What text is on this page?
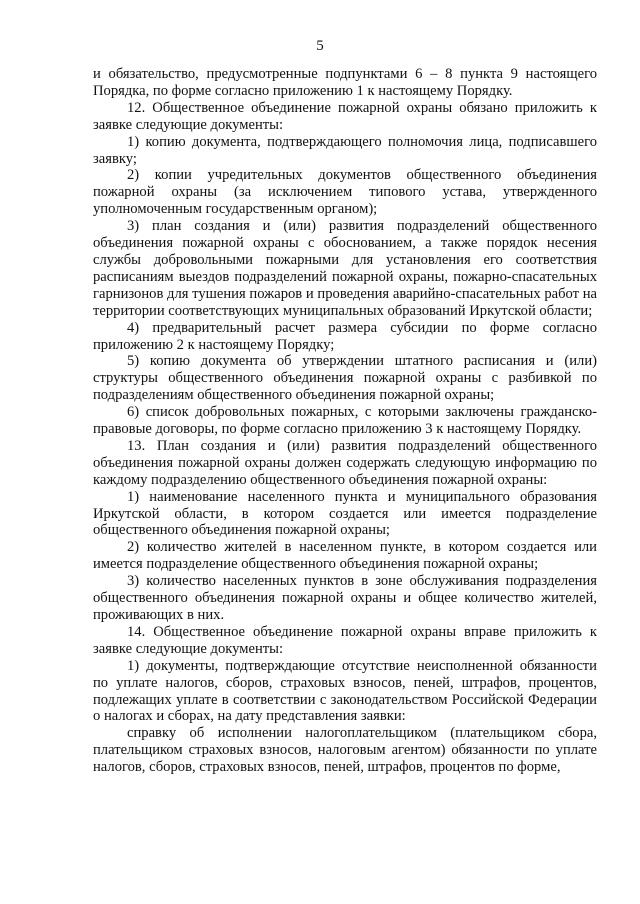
5

и обязательство, предусмотренные подпунктами 6 – 8 пункта 9 настоящего Порядка, по форме согласно приложению 1 к настоящему Порядку.

12. Общественное объединение пожарной охраны обязано приложить к заявке следующие документы:

1) копию документа, подтверждающего полномочия лица, подписавшего заявку;

2) копии учредительных документов общественного объединения пожарной охраны (за исключением типового устава, утвержденного уполномоченным государственным органом);

3) план создания и (или) развития подразделений общественного объединения пожарной охраны с обоснованием, а также порядок несения службы добровольными пожарными для установления его соответствия расписаниям выездов подразделений пожарной охраны, пожарно-спасательных гарнизонов для тушения пожаров и проведения аварийно-спасательных работ на территории соответствующих муниципальных образований Иркутской области;

4) предварительный расчет размера субсидии по форме согласно приложению 2 к настоящему Порядку;

5) копию документа об утверждении штатного расписания и (или) структуры общественного объединения пожарной охраны с разбивкой по подразделениям общественного объединения пожарной охраны;

6) список добровольных пожарных, с которыми заключены гражданско-правовые договоры, по форме согласно приложению 3 к настоящему Порядку.

13. План создания и (или) развития подразделений общественного объединения пожарной охраны должен содержать следующую информацию по каждому подразделению общественного объединения пожарной охраны:

1) наименование населенного пункта и муниципального образования Иркутской области, в котором создается или имеется подразделение общественного объединения пожарной охраны;

2) количество жителей в населенном пункте, в котором создается или имеется подразделение общественного объединения пожарной охраны;

3) количество населенных пунктов в зоне обслуживания подразделения общественного объединения пожарной охраны и общее количество жителей, проживающих в них.

14. Общественное объединение пожарной охраны вправе приложить к заявке следующие документы:

1) документы, подтверждающие отсутствие неисполненной обязанности по уплате налогов, сборов, страховых взносов, пеней, штрафов, процентов, подлежащих уплате в соответствии с законодательством Российской Федерации о налогах и сборах, на дату представления заявки:

справку об исполнении налогоплательщиком (плательщиком сбора, плательщиком страховых взносов, налоговым агентом) обязанности по уплате налогов, сборов, страховых взносов, пеней, штрафов, процентов по форме,
